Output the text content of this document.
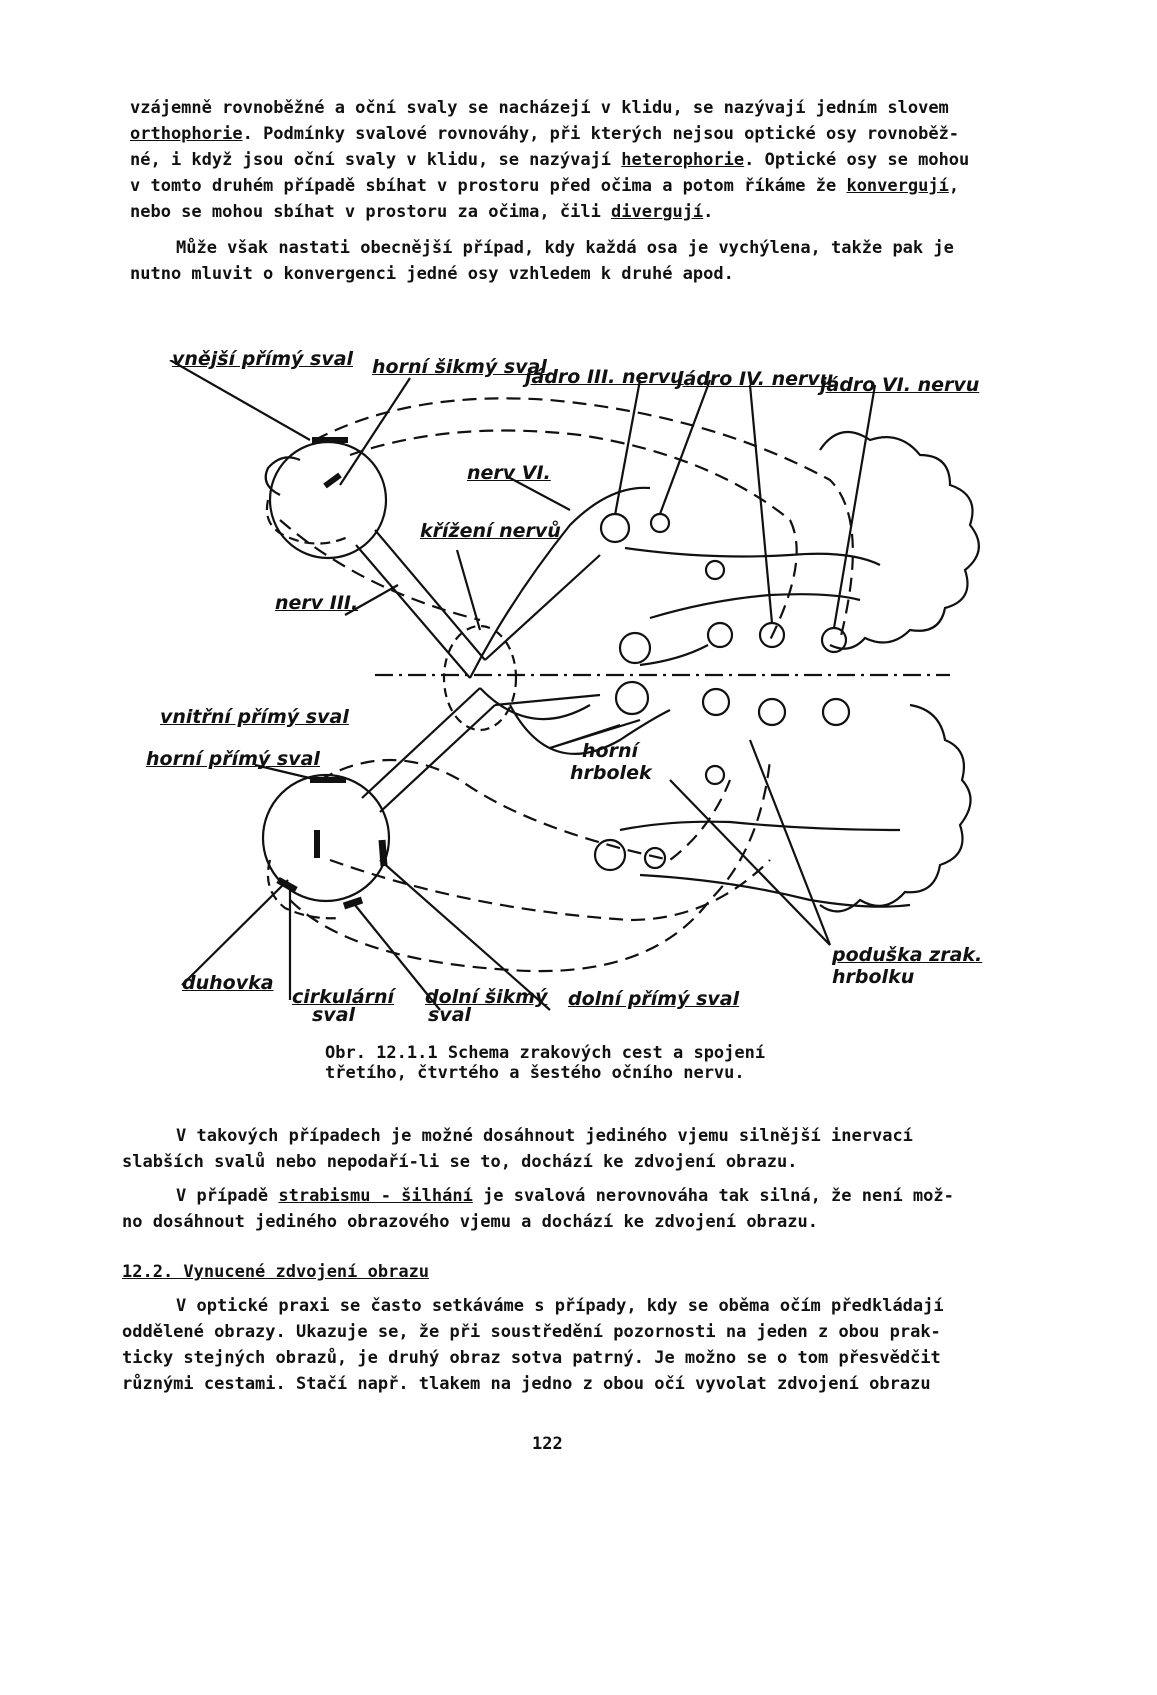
vzájemně rovnoběžné a oční svaly se nacházejí v klidu, se nazývají jedním slovem
orthophorie. Podmínky svalové rovnováhy, při kterých nejsou optické osy rovnoběž-
né, i když jsou oční svaly v klidu, se nazývají heterophorie. Optické osy se mohou
v tomto druhém případě sbíhat v prostoru před očima a potom říkáme že konvergují,
nebo se mohou sbíhat v prostoru za očima, čili divergují.
Může však nastati obecnější případ, kdy každá osa je vychýlena, takže pak je
nutno mluvit o konvergenci jedné osy vzhledem k druhé apod.
vnější přímý sval horní šikmý sval
jádro III. nervu
jádro IV. nervu
jádro VI. nervu
nerv VI.
křížení nervů
nerv III.
vnitřní přímý sval
horní přímý sval	horní
hrbolek
poduška zrak.
hrbolku
duhovka
cirkulární
sval
dolní šikmý
sval
dolní přímý sval
Obr. 12.1.1 Schema zrakových cest a spojení
třetího, čtvrtého a šestého očního nervu.
V takových případech je možné dosáhnout jediného vjemu silnější inervací
slabších svalů nebo nepodaří-li se to, dochází ke zdvojení obrazu.
V případě strabismu - šilhání je svalová nerovnováha tak silná, že není mož-
no dosáhnout jediného obrazového vjemu a dochází ke zdvojení obrazu.
12.2. Vynucené zdvojení obrazu
V optické praxi se často setkáváme s případy, kdy se oběma očím předkládají
oddělené obrazy. Ukazuje se, že při soustředění pozornosti na jeden z obou prak-
ticky stejných obrazů, je druhý obraz sotva patrný. Je možno se o tom přesvědčit
různými cestami. Stačí např. tlakem na jedno z obou očí vyvolat zdvojení obrazu
122
